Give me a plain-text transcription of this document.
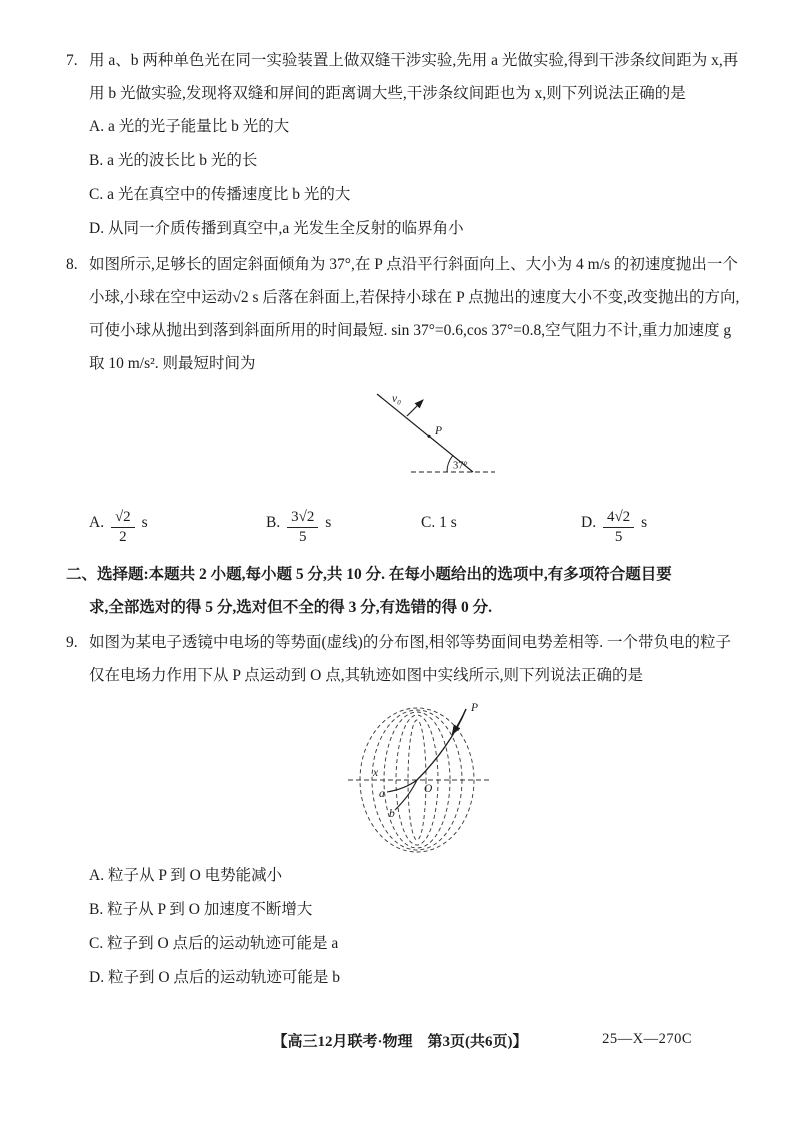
7. 用 a、b 两种单色光在同一实验装置上做双缝干涉实验,先用 a 光做实验,得到干涉条纹间距为 x,再用 b 光做实验,发现将双缝和屏间的距离调大些,干涉条纹间距也为 x,则下列说法正确的是

A. a 光的光子能量比 b 光的大

B. a 光的波长比 b 光的长

C. a 光在真空中的传播速度比 b 光的大

D. 从同一介质传播到真空中,a 光发生全反射的临界角小

8. 如图所示,足够长的固定斜面倾角为 37°,在 P 点沿平行斜面向上、大小为 4 m/s 的初速度抛出一个小球,小球在空中运动√2 s 后落在斜面上,若保持小球在 P 点抛出的速度大小不变,改变抛出的方向,可使小球从抛出到落到斜面所用的时间最短. sin 37°=0.6,cos 37°=0.8,空气阻力不计,重力加速度 g 取 10 m/s². 则最短时间为

37°
v₀
P
A. $\frac{√2}{2}$ s	B. $\frac{3√2}{5}$ s	C. 1 s	D. $\frac{4√2}{5}$ s

二、选择题:本题共 2 小题,每小题 5 分,共 10 分. 在每小题给出的选项中,有多项符合题目要

求,全部选对的得 5 分,选对但不全的得 3 分,有选错的得 0 分.

9. 如图为某电子透镜中电场的等势面(虚线)的分布图,相邻等势面间电势差相等. 一个带负电的粒子仅在电场力作用下从 P 点运动到 O 点,其轨迹如图中实线所示,则下列说法正确的是

x
O
P
a
b

A. 粒子从 P 到 O 电势能减小

B. 粒子从 P 到 O 加速度不断增大

C. 粒子到 O 点后的运动轨迹可能是 a

D. 粒子到 O 点后的运动轨迹可能是 b

【高三12月联考·物理　第3页(共6页)】	25—X—270C
